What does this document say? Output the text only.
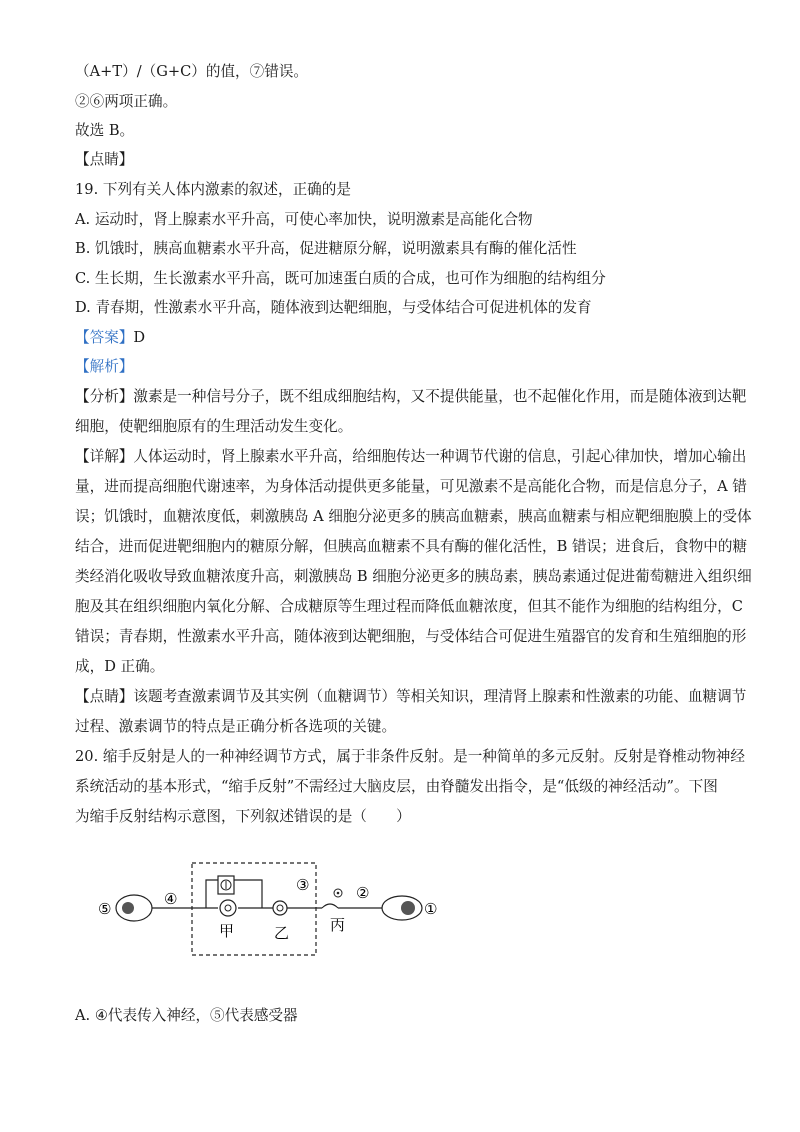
（A+T）/（G+C）的值，⑦错误。
②⑥两项正确。
故选 B。
【点睛】
19. 下列有关人体内激素的叙述，正确的是
A. 运动时，肾上腺素水平升高，可使心率加快，说明激素是高能化合物
B. 饥饿时，胰高血糖素水平升高，促进糖原分解，说明激素具有酶的催化活性
C. 生长期，生长激素水平升高，既可加速蛋白质的合成，也可作为细胞的结构组分
D. 青春期，性激素水平升高，随体液到达靶细胞，与受体结合可促进机体的发育
【答案】D
【解析】
【分析】激素是一种信号分子，既不组成细胞结构，又不提供能量，也不起催化作用，而是随体液到达靶
细胞，使靶细胞原有的生理活动发生变化。
【详解】人体运动时，肾上腺素水平升高，给细胞传达一种调节代谢的信息，引起心律加快，增加心输出
量，进而提高细胞代谢速率，为身体活动提供更多能量，可见激素不是高能化合物，而是信息分子，A 错
误；饥饿时，血糖浓度低，刺激胰岛 A 细胞分泌更多的胰高血糖素，胰高血糖素与相应靶细胞膜上的受体
结合，进而促进靶细胞内的糖原分解，但胰高血糖素不具有酶的催化活性，B 错误；进食后，食物中的糖
类经消化吸收导致血糖浓度升高，刺激胰岛 B 细胞分泌更多的胰岛素，胰岛素通过促进葡萄糖进入组织细
胞及其在组织细胞内氧化分解、合成糖原等生理过程而降低血糖浓度，但其不能作为细胞的结构组分，C
错误；青春期，性激素水平升高，随体液到达靶细胞，与受体结合可促进生殖器官的发育和生殖细胞的形
成，D 正确。
【点睛】该题考查激素调节及其实例（血糖调节）等相关知识，理清肾上腺素和性激素的功能、血糖调节
过程、激素调节的特点是正确分析各选项的关键。
20. 缩手反射是人的一种神经调节方式，属于非条件反射。是一种简单的多元反射。反射是脊椎动物神经
系统活动的基本形式，“缩手反射”不需经过大脑皮层，由脊髓发出指令，是“低级的神经活动”。下图
为缩手反射结构示意图，下列叙述错误的是（　　）
⑤
④
③	②
①
甲	乙	丙
A. ④代表传入神经，⑤代表感受器
